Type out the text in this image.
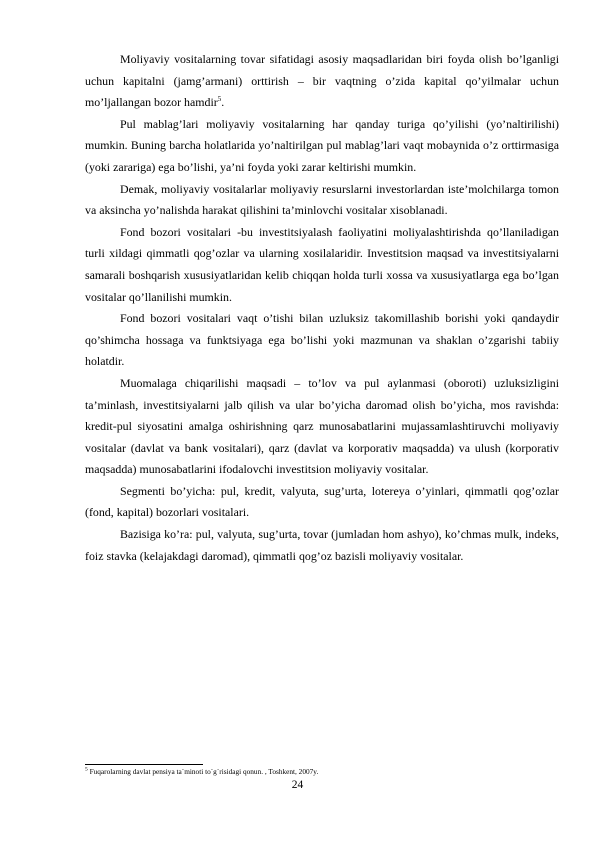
Moliyaviy vositalarning tovar sifatidagi asosiy maqsadlaridan biri foyda olish bo’lganligi uchun kapitalni (jamg’armani) orttirish – bir vaqtning o’zida kapital qo’yilmalar uchun mo’ljallangan bozor hamdir$^5$.

Pul mablag’lari moliyaviy vositalarning har qanday turiga qo’yilishi (yo’naltirilishi) mumkin. Buning barcha holatlarida yo’naltirilgan pul mablag’lari vaqt mobaynida o’z orttirmasiga (yoki zarariga) ega bo’lishi, ya’ni foyda yoki zarar keltirishi mumkin.

Demak, moliyaviy vositalarlar moliyaviy resurslarni investorlardan iste’molchilarga tomon va aksincha yo’nalishda harakat qilishini ta’minlovchi vositalar xisoblanadi.

Fond bozori vositalari -bu investitsiyalash faoliyatini moliyalashtirishda qo’llaniladigan turli xildagi qimmatli qog’ozlar va ularning xosilalaridir. Investitsion maqsad va investitsiyalarni samarali boshqarish xususiyatlaridan kelib chiqqan holda turli xossa va xususiyatlarga ega bo’lgan vositalar qo’llanilishi mumkin.

Fond bozori vositalari vaqt o’tishi bilan uzluksiz takomillashib borishi yoki qandaydir qo’shimcha hossaga va funktsiyaga ega bo’lishi yoki mazmunan va shaklan o’zgarishi tabiiy holatdir.

Muomalaga chiqarilishi maqsadi – to’lov va pul aylanmasi (oboroti) uzluksizligini ta’minlash, investitsiyalarni jalb qilish va ular bo’yicha daromad olish bo’yicha, mos ravishda: kredit-pul siyosatini amalga oshirishning qarz munosabatlarini mujassamlashtiruvchi moliyaviy vositalar (davlat va bank vositalari), qarz (davlat va korporativ maqsadda) va ulush (korporativ maqsadda) munosabatlarini ifodalovchi investitsion moliyaviy vositalar.

Segmenti bo’yicha: pul, kredit, valyuta, sug’urta, lotereya o’yinlari, qimmatli qog’ozlar (fond, kapital) bozorlari vositalari.

Bazisiga ko’ra: pul, valyuta, sug’urta, tovar (jumladan hom ashyo), ko’chmas mulk, indeks, foiz stavka (kelajakdagi daromad), qimmatli qog’oz bazisli moliyaviy vositalar.

$^5$ Fuqarolarning davlat pensiya ta`minoti to`g`risidagi qonun. , Toshkent, 2007y.
24
